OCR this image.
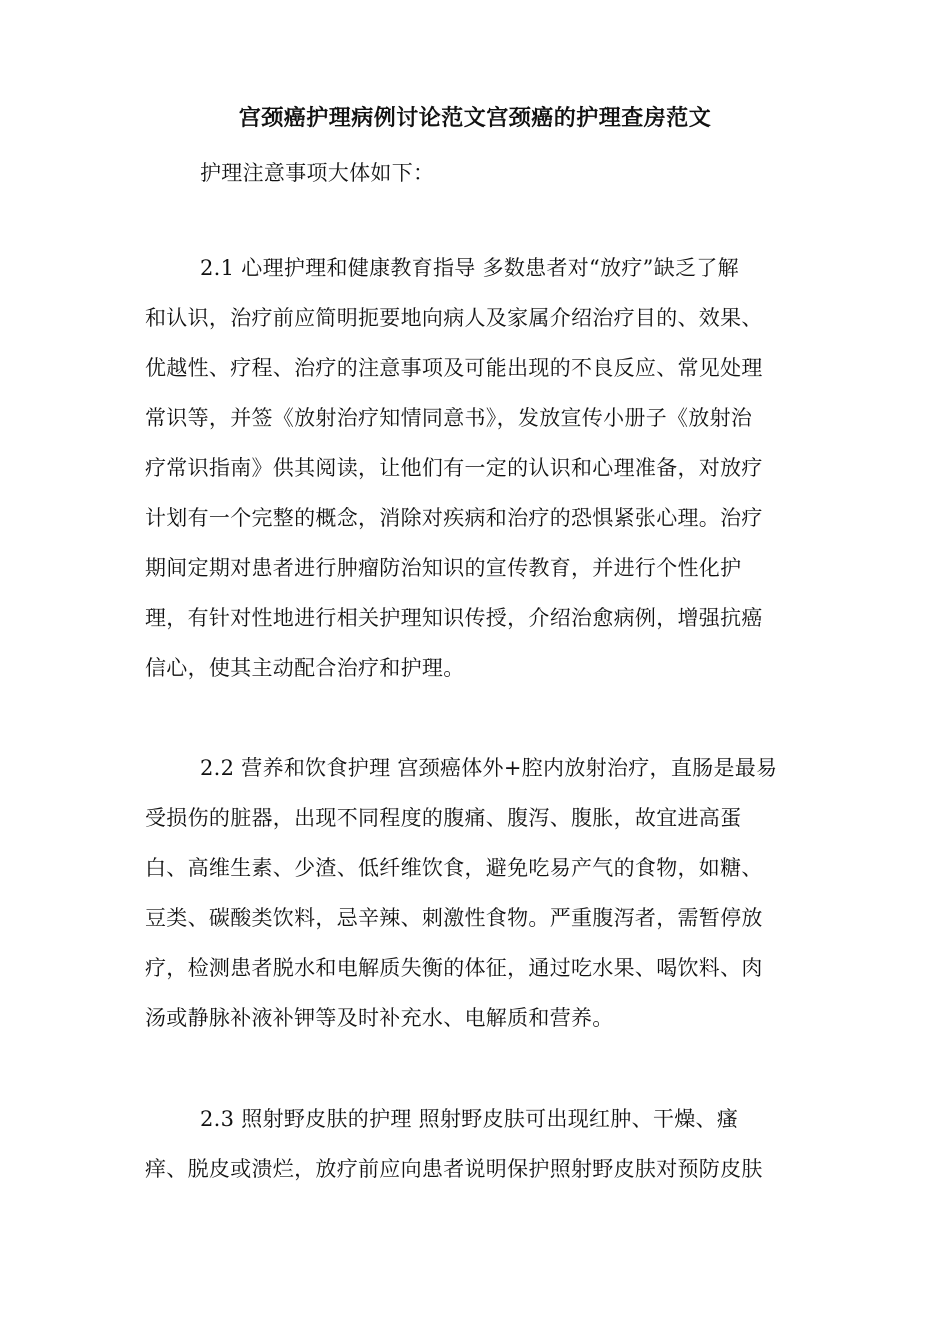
宫颈癌护理病例讨论范文宫颈癌的护理查房范文
护理注意事项大体如下：
2.1 心理护理和健康教育指导 多数患者对“放疗”缺乏了解
和认识，治疗前应简明扼要地向病人及家属介绍治疗目的、效果、
优越性、疗程、治疗的注意事项及可能出现的不良反应、常见处理
常识等，并签《放射治疗知情同意书》，发放宣传小册子《放射治
疗常识指南》供其阅读，让他们有一定的认识和心理准备，对放疗
计划有一个完整的概念，消除对疾病和治疗的恐惧紧张心理。治疗
期间定期对患者进行肿瘤防治知识的宣传教育，并进行个性化护
理，有针对性地进行相关护理知识传授，介绍治愈病例，增强抗癌
信心，使其主动配合治疗和护理。
2.2 营养和饮食护理 宫颈癌体外+腔内放射治疗，直肠是最易
受损伤的脏器，出现不同程度的腹痛、腹泻、腹胀，故宜进高蛋
白、高维生素、少渣、低纤维饮食，避免吃易产气的食物，如糖、
豆类、碳酸类饮料，忌辛辣、刺激性食物。严重腹泻者，需暂停放
疗，检测患者脱水和电解质失衡的体征，通过吃水果、喝饮料、肉
汤或静脉补液补钾等及时补充水、电解质和营养。
2.3 照射野皮肤的护理 照射野皮肤可出现红肿、干燥、瘙
痒、脱皮或溃烂，放疗前应向患者说明保护照射野皮肤对预防皮肤
